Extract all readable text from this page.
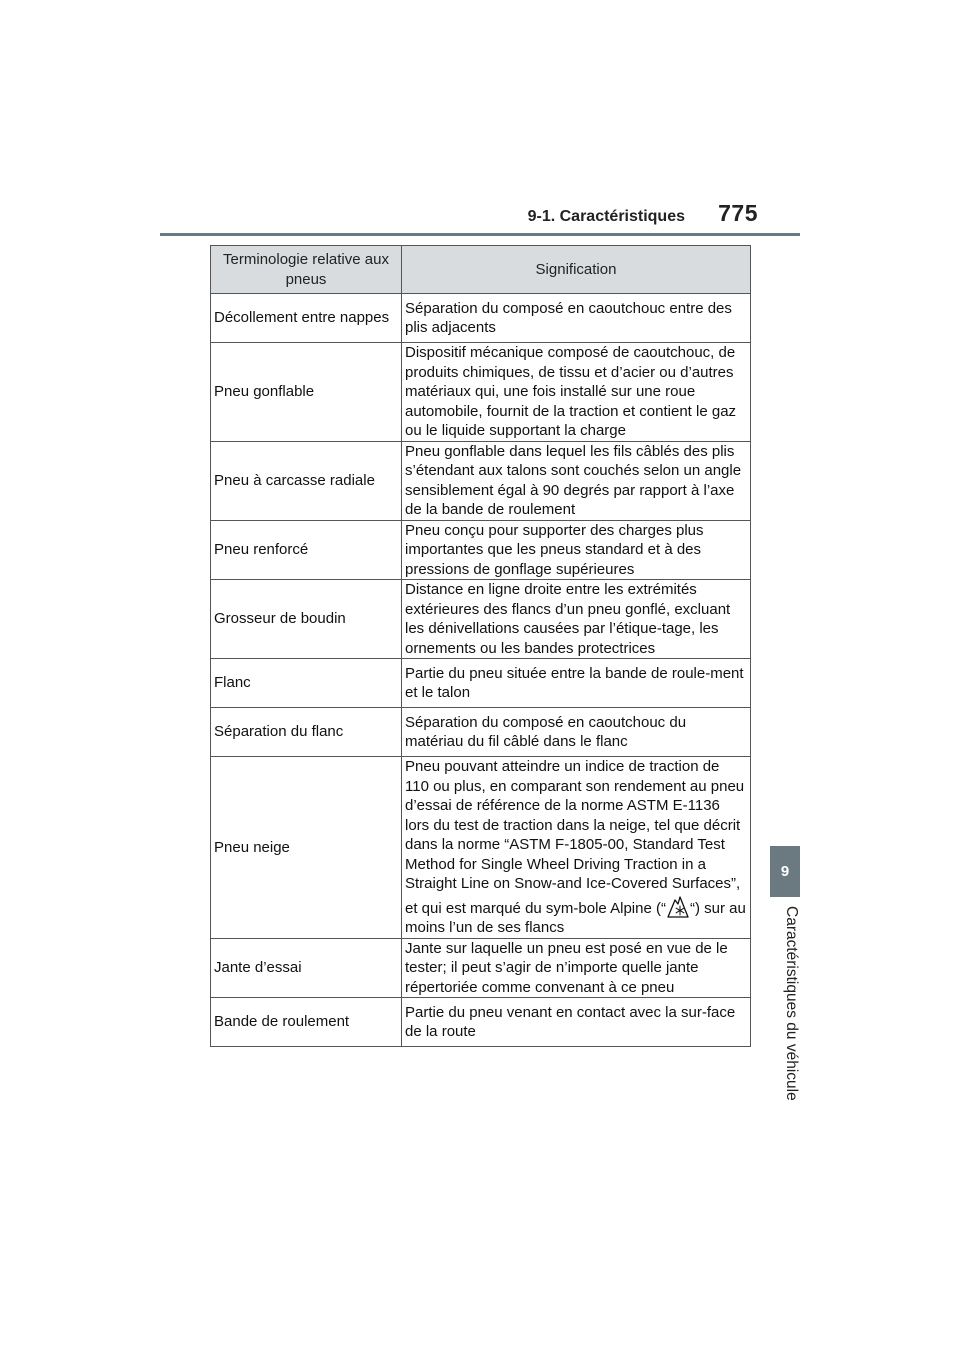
9-1. Caractéristiques 775
Terminologie relative aux pneus	Signification
Décollement entre nappes	Séparation du composé en caoutchouc entre des plis adjacents
Pneu gonflable	Dispositif mécanique composé de caoutchouc, de produits chimiques, de tissu et d’acier ou d’autres matériaux qui, une fois installé sur une roue automobile, fournit de la traction et contient le gaz ou le liquide supportant la charge
Pneu à carcasse radiale	Pneu gonflable dans lequel les fils câblés des plis s’étendant aux talons sont couchés selon un angle sensiblement égal à 90 degrés par rapport à l’axe de la bande de roulement
Pneu renforcé	Pneu conçu pour supporter des charges plus importantes que les pneus standard et à des pressions de gonflage supérieures
Grosseur de boudin	Distance en ligne droite entre les extrémités extérieures des flancs d’un pneu gonflé, excluant les dénivellations causées par l’étique-tage, les ornements ou les bandes protectrices
Flanc	Partie du pneu située entre la bande de roule-ment et le talon
Séparation du flanc	Séparation du composé en caoutchouc du matériau du fil câblé dans le flanc
Pneu neige	Pneu pouvant atteindre un indice de traction de 110 ou plus, en comparant son rendement au pneu d’essai de référence de la norme ASTM E-1136 lors du test de traction dans la neige, tel que décrit dans la norme “ASTM F-1805-00, Standard Test Method for Single Wheel Driving Traction in a Straight Line on Snow-and Ice-Covered Surfaces”, et qui est marqué du sym-bole Alpine (“ “) sur au moins l’un de ses flancs
Jante d’essai	Jante sur laquelle un pneu est posé en vue de le tester; il peut s’agir de n’importe quelle jante répertoriée comme convenant à ce pneu
Bande de roulement	Partie du pneu venant en contact avec la sur-face de la route
9
Caractéristiques du véhicule
